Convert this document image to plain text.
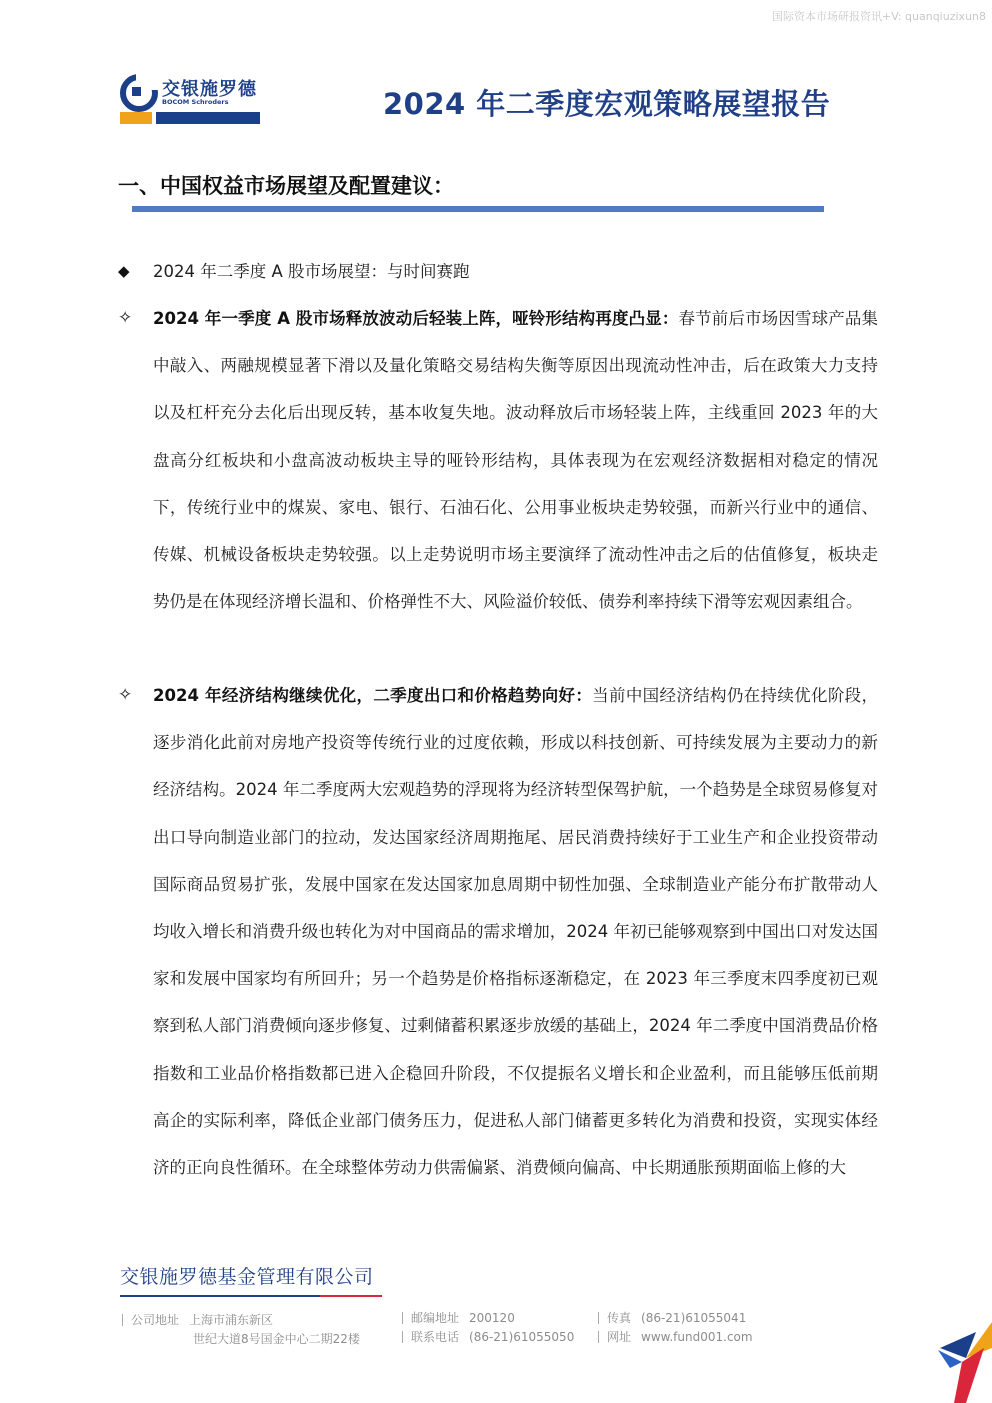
国际资本市场研报资讯+V: quanqiuzixun8
交银施罗德
BOCOM Schroders	2024 年二季度宏观策略展望报告
一、中国权益市场展望及配置建议：
◆ 2024 年二季度 A 股市场展望：与时间赛跑
✧ 2024 年一季度 A 股市场释放波动后轻装上阵，哑铃形结构再度凸显：春节前后市场因雪球产品集中敲入、两融规模显著下滑以及量化策略交易结构失衡等原因出现流动性冲击，后在政策大力支持以及杠杆充分去化后出现反转，基本收复失地。波动释放后市场轻装上阵，主线重回 2023 年的大盘高分红板块和小盘高波动板块主导的哑铃形结构，具体表现为在宏观经济数据相对稳定的情况下，传统行业中的煤炭、家电、银行、石油石化、公用事业板块走势较强，而新兴行业中的通信、传媒、机械设备板块走势较强。以上走势说明市场主要演绎了流动性冲击之后的估值修复，板块走势仍是在体现经济增长温和、价格弹性不大、风险溢价较低、债券利率持续下滑等宏观因素组合。
✧ 2024 年经济结构继续优化，二季度出口和价格趋势向好：当前中国经济结构仍在持续优化阶段，逐步消化此前对房地产投资等传统行业的过度依赖，形成以科技创新、可持续发展为主要动力的新经济结构。2024 年二季度两大宏观趋势的浮现将为经济转型保驾护航，一个趋势是全球贸易修复对出口导向制造业部门的拉动，发达国家经济周期拖尾、居民消费持续好于工业生产和企业投资带动国际商品贸易扩张，发展中国家在发达国家加息周期中韧性加强、全球制造业产能分布扩散带动人均收入增长和消费升级也转化为对中国商品的需求增加，2024 年初已能够观察到中国出口对发达国家和发展中国家均有所回升；另一个趋势是价格指标逐渐稳定，在 2023 年三季度末四季度初已观察到私人部门消费倾向逐步修复、过剩储蓄积累逐步放缓的基础上，2024 年二季度中国消费品价格指数和工业品价格指数都已进入企稳回升阶段，不仅提振名义增长和企业盈利，而且能够压低前期高企的实际利率，降低企业部门债务压力，促进私人部门储蓄更多转化为消费和投资，实现实体经济的正向良性循环。在全球整体劳动力供需偏紧、消费倾向偏高、中长期通胀预期面临上修的大
交银施罗德基金管理有限公司
公司地址 上海市浦东新区
世纪大道8号国金中心二期22楼
邮编地址 200120
联系电话 (86-21)61055050
传真 (86-21)61055041
网址 www.fund001.com
